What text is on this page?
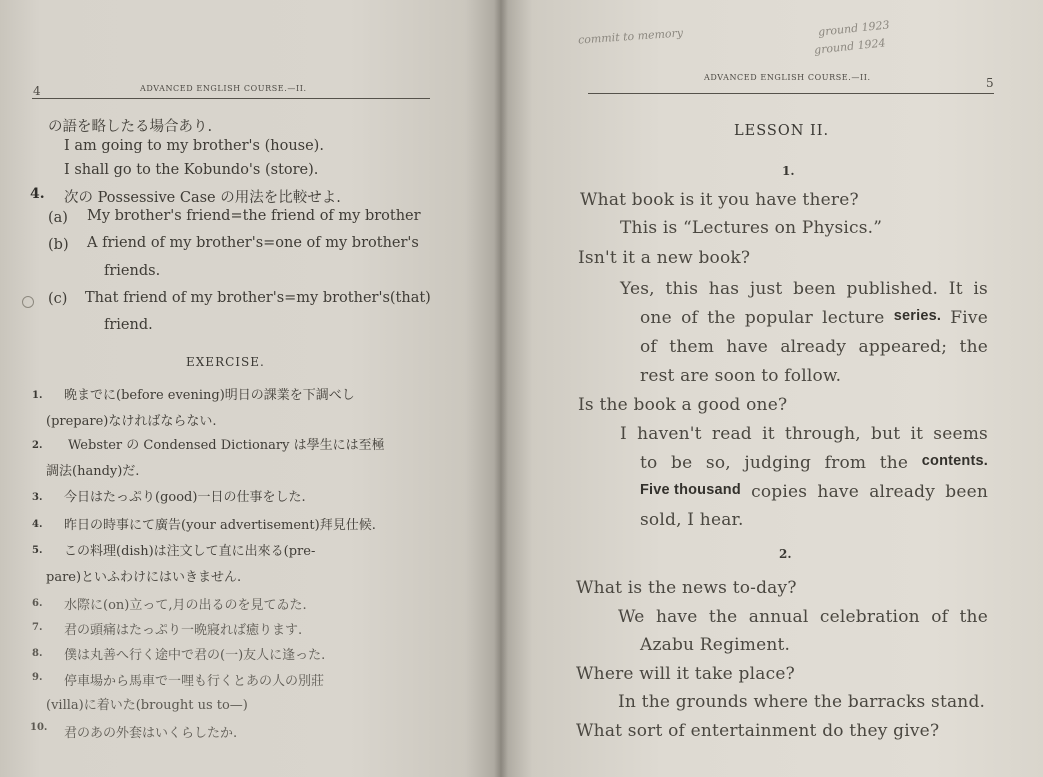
4	ADVANCED ENGLISH COURSE.—II.
の語を略したる場合あり.
I am going to my brother's (house).
I shall go to the Kobundo's (store).
4. 次の Possessive Case の用法を比較せよ.
(a) My brother's friend=the friend of my brother
(b) A friend of my brother's=one of my brother's
friends.
(c) That friend of my brother's=my brother's(that)
friend.
EXERCISE.
1. 晩までに(before evening)明日の課業を下調べし
(prepare)なければならない.
2. Webster の Condensed Dictionary は學生には至極
調法(handy)だ.
3. 今日はたっぷり(good)一日の仕事をした.
4. 昨日の時事にて廣告(your advertisement)拜見仕候.
5. この料理(dish)は注文して直に出來る(pre-
pare)といふわけにはいきません.
6. 水際に(on)立って,月の出るのを見てゐた.
7. 君の頭痛はたっぷり一晩寢れば癒ります.
8. 僕は丸善へ行く途中で君の(一)友人に逢った.
9. 停車場から馬車で一哩も行くとあの人の別莊
(villa)に着いた(brought us to—)
10. 君のあの外套はいくらしたか.
commit to memory	ground 1923
ground 1924
ADVANCED ENGLISH COURSE.—II.	5
LESSON II.
1.
What book is it you have there?
This is “Lectures on Physics.”
Isn't it a new book?
Yes, this has just been published. It is
one of the popular lecture series. Five
of them have already appeared; the
rest are soon to follow.
Is the book a good one?
I haven't read it through, but it seems
to be so, judging from the contents.
Five thousand copies have already been
sold, I hear.
2.
What is the news to-day?
We have the annual celebration of the
Azabu Regiment.
Where will it take place?
In the grounds where the barracks stand.
What sort of entertainment do they give?
